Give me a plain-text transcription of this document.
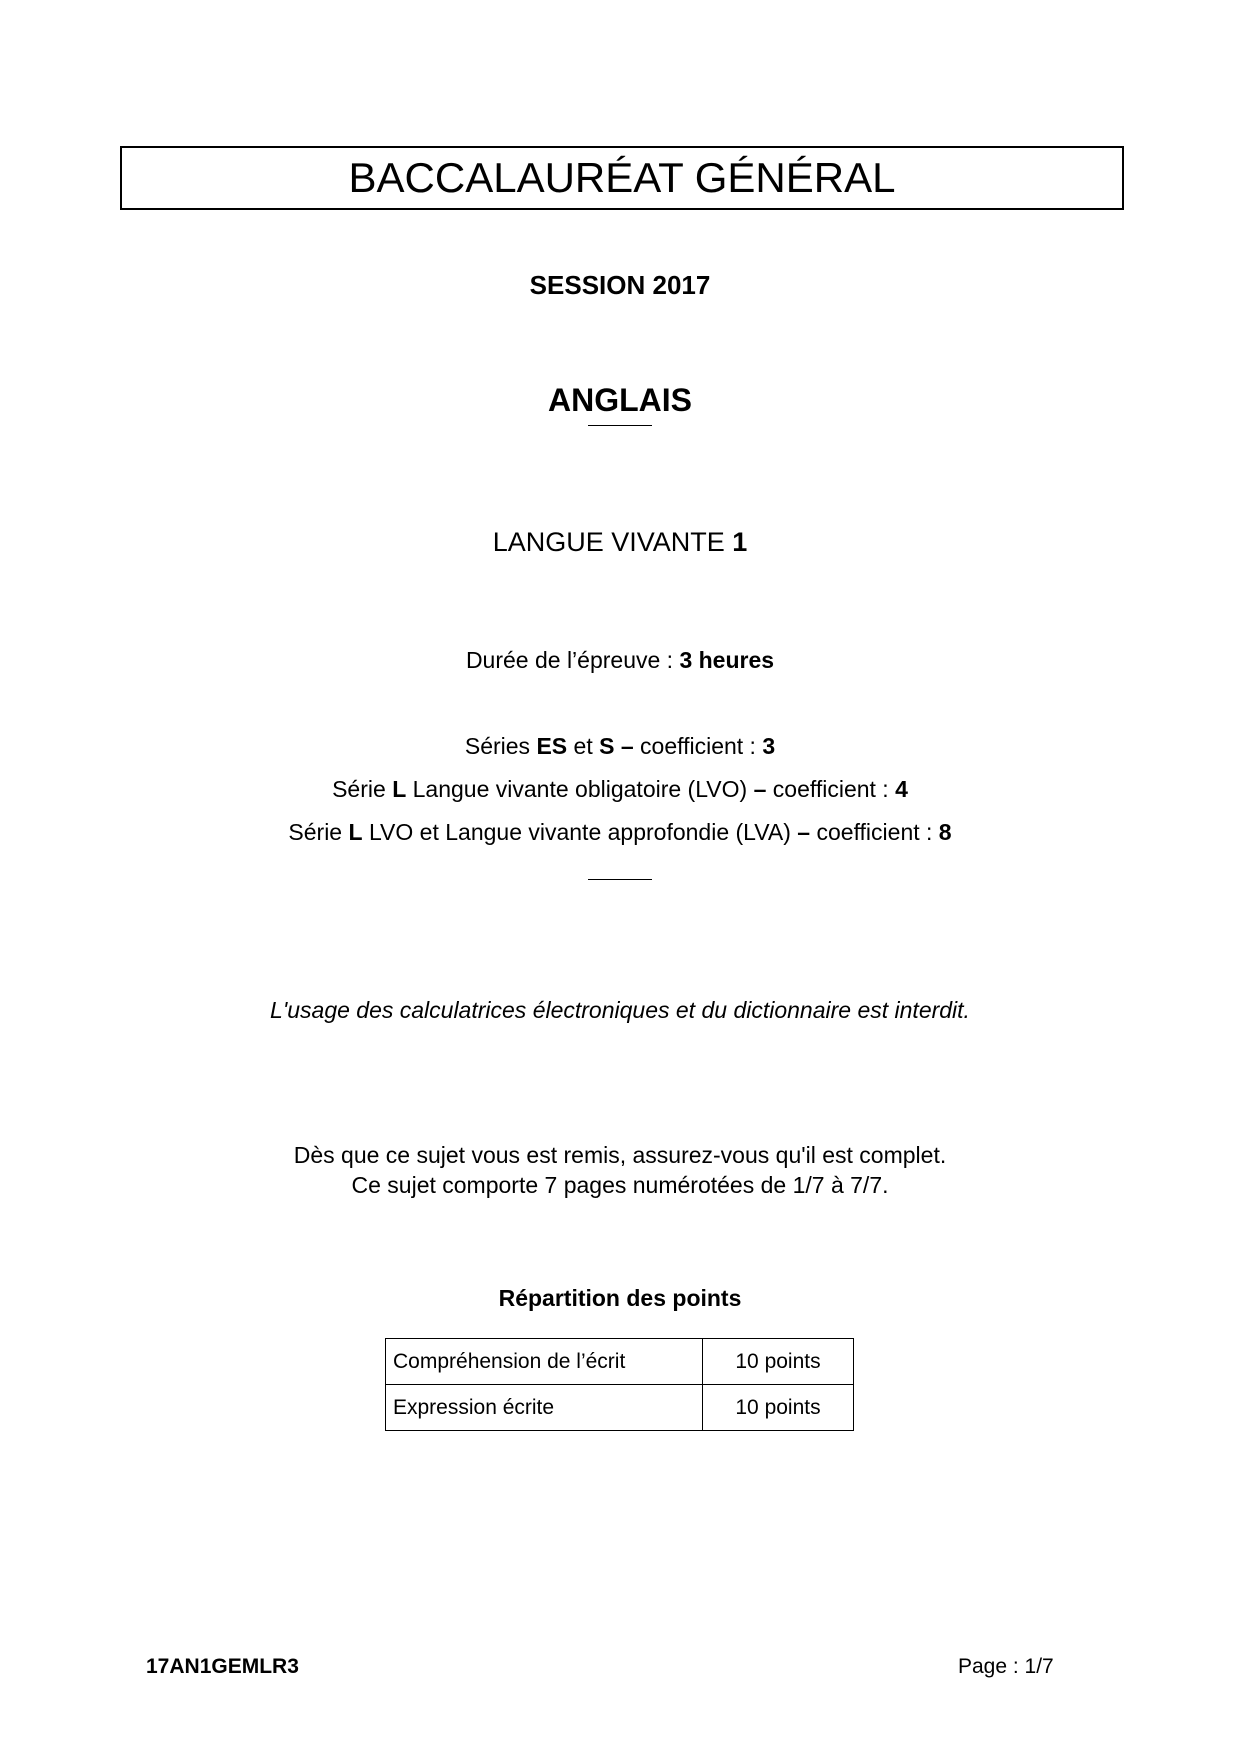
BACCALAURÉAT GÉNÉRAL
SESSION 2017
ANGLAIS
LANGUE VIVANTE 1
Durée de l’épreuve : 3 heures
Séries ES et S – coefficient : 3
Série L Langue vivante obligatoire (LVO) – coefficient : 4
Série L LVO et Langue vivante approfondie (LVA) – coefficient : 8
L'usage des calculatrices électroniques et du dictionnaire est interdit.
Dès que ce sujet vous est remis, assurez-vous qu'il est complet.
Ce sujet comporte 7 pages numérotées de 1/7 à 7/7.
Répartition des points
Compréhension de l’écrit	10 points
Expression écrite	10 points
17AN1GEMLR3	Page : 1/7
